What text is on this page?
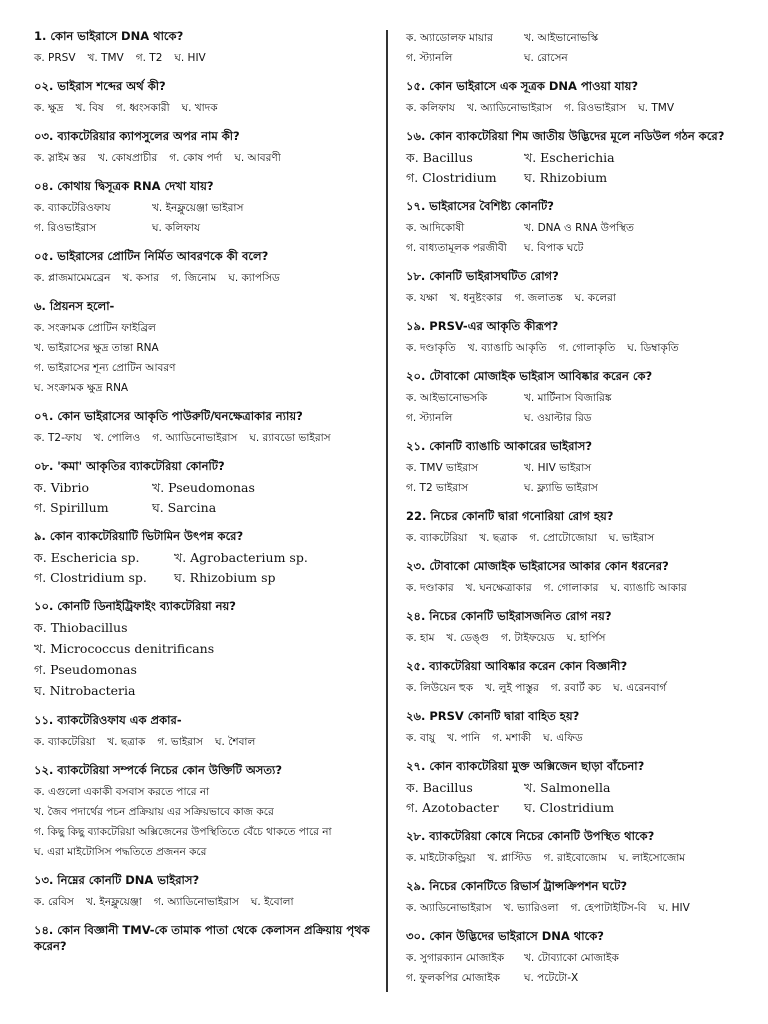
1. কোন ভাইরাসে DNA থাকে?
ক. PRSV খ. TMV গ. T2 ঘ. HIV
০২. ভাইরাস শব্দের অর্থ কী?
ক. ক্ষুদ্র খ. বিষ গ. ধ্বংসকারী ঘ. খাদক
০৩. ব্যাকটেরিয়ার ক্যাপসুলের অপর নাম কী?
ক. স্লাইম স্তর খ. কোষপ্রাচীর গ. কোষ পর্দা ঘ. আবরণী
০৪. কোথায় দ্বিসূত্রক RNA দেখা যায়?
ক. ব্যাকটেরিওফায	খ. ইনফ্লুয়েঞ্জা ভাইরাস
গ. রিওভাইরাস	ঘ. কলিফায
০৫. ভাইরাসের প্রোটিন নির্মিত আবরণকে কী বলে?
ক. প্লাজমামেমব্রেন খ. কসার গ. জিনোম ঘ. ক্যাপসিড
৬. প্রিয়নস হলো-
ক. সংক্রামক প্রোটিন ফাইব্রিল
খ. ভাইরাসের ক্ষুদ্র তান্তা RNA
গ. ভাইরাসের শূন্য প্রোটিন আবরণ
ঘ. সংক্রামক ক্ষুদ্র RNA
০৭. কোন ভাইরাসের আকৃতি পাউরুটি/ঘনক্ষেত্রাকার ন্যায়?
ক. T2-ফায খ. পোলিও গ. অ্যাডিনোভাইরাস ঘ. র‍্যাবডো ভাইরাস
০৮. 'কমা' আকৃতির ব্যাকটেরিয়া কোনটি?
ক. Vibrio	খ. Pseudomonas
গ. Spirillum	ঘ. Sarcina
৯. কোন ব্যাকটেরিয়াটি ভিটামিন উৎপন্ন করে?
ক. Eschericia sp.	খ. Agrobacterium sp.
গ. Clostridium sp.	ঘ. Rhizobium sp
১০. কোনটি ডিনাইট্রিফাইং ব্যাকটেরিয়া নয়?
ক. Thiobacillus
খ. Micrococcus denitrificans
গ. Pseudomonas
ঘ. Nitrobacteria
১১. ব্যাকটেরিওফায এক প্রকার-
ক. ব্যাকটেরিয়া খ. ছত্রাক গ. ভাইরাস ঘ. শৈবাল
১২. ব্যাকটেরিয়া সম্পর্কে নিচের কোন উক্তিটি অসত্য?
ক. এগুলো একাকী বসবাস করতে পারে না
খ. জৈব পদার্থের পচন প্রক্রিয়ায় এর সক্রিয়ভাবে কাজ করে
গ. কিছু কিছু ব্যাকটেরিয়া অক্সিজেনের উপস্থিতিতে বেঁচে থাকতে পারে না
ঘ. এরা মাইটোসিস পদ্ধতিতে প্রজনন করে
১৩. নিম্নের কোনটি DNA ভাইরাস?
ক. রেবিস খ. ইনফ্লুয়েঞ্জা গ. অ্যাডিনোভাইরাস ঘ. ইবোলা
১৪. কোন বিজ্ঞানী TMV-কে তামাক পাতা থেকে কেলাসন প্রক্রিয়ায় পৃথক করেন?
ক. অ্যাডোলফ মায়ার	খ. আইভানোভস্কি
গ. স্ট্যানলি	ঘ. রোসেন
১৫. কোন ভাইরাসে এক সূত্রক DNA পাওয়া যায়?
ক. কলিফায খ. অ্যাডিনোভাইরাস গ. রিওভাইরাস ঘ. TMV
১৬. কোন ব্যাকটেরিয়া শিম জাতীয় উদ্ভিদের মূলে নডিউল গঠন করে?
ক. Bacillus	খ. Escherichia
গ. Clostridium	ঘ. Rhizobium
১৭. ভাইরাসের বৈশিষ্ট্য কোনটি?
ক. আদিকোষী	খ. DNA ও RNA উপস্থিত
গ. বাধ্যতামূলক পরজীবী	ঘ. বিপাক ঘটে
১৮. কোনটি ভাইরাসঘটিত রোগ?
ক. যক্ষা খ. ধনুষ্টংকার গ. জলাতঙ্ক ঘ. কলেরা
১৯. PRSV-এর আকৃতি কীরূপ?
ক. দণ্ডাকৃতি খ. ব্যাঙাচি আকৃতি গ. গোলাকৃতি ঘ. ডিম্বাকৃতি
২০. টোবাকো মোজাইক ভাইরাস আবিষ্কার করেন কে?
ক. আইভানোভসকি	খ. মার্টিনাস বিজারিঙ্ক
গ. স্ট্যানলি	ঘ. ওয়াল্টার রিড
২১. কোনটি ব্যাঙাচি আকারের ভাইরাস?
ক. TMV ভাইরাস	খ. HIV ভাইরাস
গ. T2 ভাইরাস	ঘ. ফ্ল্যাভি ভাইরাস
22. নিচের কোনটি দ্বারা গনোরিয়া রোগ হয়?
ক. ব্যাকটেরিয়া খ. ছত্রাক গ. প্রোটোজোয়া ঘ. ভাইরাস
২৩. টোবাকো মোজাইক ভাইরাসের আকার কোন ধরনের?
ক. দণ্ডাকার খ. ঘনক্ষেত্রাকার গ. গোলাকার ঘ. ব্যাঙাচি আকার
২৪. নিচের কোনটি ভাইরাসজনিত রোগ নয়?
ক. হাম খ. ডেঙ্গু গ. টাইফয়েড ঘ. হার্পিস
২৫. ব্যাকটেরিয়া আবিষ্কার করেন কোন বিজ্ঞানী?
ক. লিউয়েন হুক খ. লুই পাস্তুর গ. রবার্ট কচ ঘ. এরেনবার্গ
২৬. PRSV কোনটি দ্বারা বাহিত হয়?
ক. বায়ু খ. পানি গ. মশাকী ঘ. এফিড
২৭. কোন ব্যাকটেরিয়া মুক্ত অক্সিজেন ছাড়া বাঁচেনা?
ক. Bacillus	খ. Salmonella
গ. Azotobacter	ঘ. Clostridium
২৮. ব্যাকটেরিয়া কোষে নিচের কোনটি উপস্থিত থাকে?
ক. মাইটোকন্ড্রিয়া খ. প্লাস্টিড গ. রাইবোজোম ঘ. লাইসোজোম
২৯. নিচের কোনটিতে রিভার্স ট্রান্সক্রিপশন ঘটে?
ক. অ্যাডিনোভাইরাস খ. ভ্যারিওলা গ. হেপাটাইটিস-বি ঘ. HIV
৩০. কোন উদ্ভিদের ভাইরাসে DNA থাকে?
ক. সুগারক্যান মোজাইক	খ. টোব্যাকো মোজাইক
গ. ফুলকপির মোজাইক	ঘ. পটেটো-X
